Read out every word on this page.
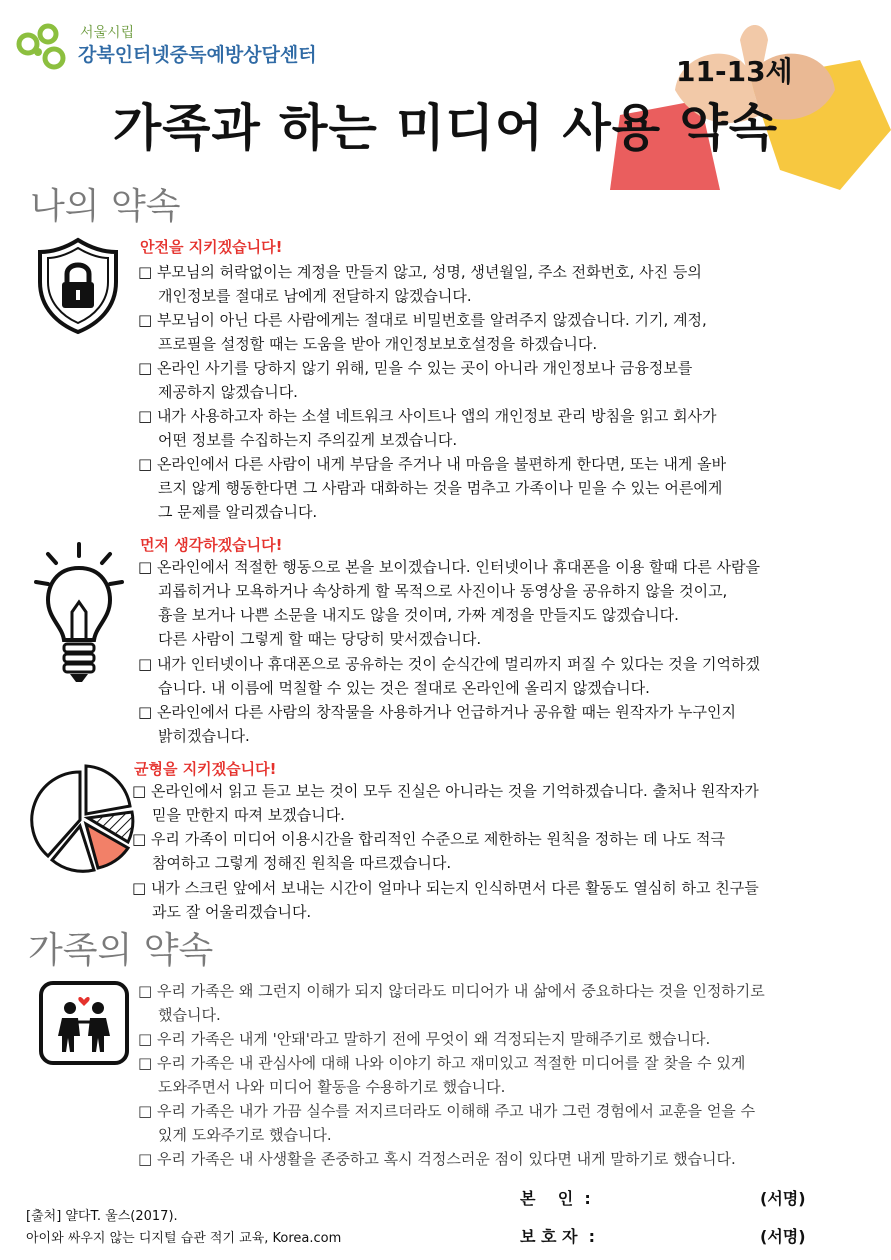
서울시립
강북인터넷중독예방상담센터	11-13세
가족과 하는 미디어 사용 약속
나의 약속
안전을 지키겠습니다!
□ 부모님의 허락없이는 계정을 만들지 않고, 성명, 생년월일, 주소 전화번호, 사진 등의
개인정보를 절대로 남에게 전달하지 않겠습니다.
□ 부모님이 아닌 다른 사람에게는 절대로 비밀번호를 알려주지 않겠습니다. 기기, 계정,
프로필을 설정할 때는 도움을 받아 개인정보보호설정을 하겠습니다.
□ 온라인 사기를 당하지 않기 위해, 믿을 수 있는 곳이 아니라 개인정보나 금융정보를
제공하지 않겠습니다.
□ 내가 사용하고자 하는 소셜 네트워크 사이트나 앱의 개인정보 관리 방침을 읽고 회사가
어떤 정보를 수집하는지 주의깊게 보겠습니다.
□ 온라인에서 다른 사람이 내게 부담을 주거나 내 마음을 불편하게 한다면, 또는 내게 올바
르지 않게 행동한다면 그 사람과 대화하는 것을 멈추고 가족이나 믿을 수 있는 어른에게
그 문제를 알리겠습니다.
먼저 생각하겠습니다!
□ 온라인에서 적절한 행동으로 본을 보이겠습니다. 인터넷이나 휴대폰을 이용 할때 다른 사람을
괴롭히거나 모욕하거나 속상하게 할 목적으로 사진이나 동영상을 공유하지 않을 것이고,
흉을 보거나 나쁜 소문을 내지도 않을 것이며, 가짜 계정을 만들지도 않겠습니다.
다른 사람이 그렇게 할 때는 당당히 맞서겠습니다.
□ 내가 인터넷이나 휴대폰으로 공유하는 것이 순식간에 멀리까지 퍼질 수 있다는 것을 기억하겠
습니다. 내 이름에 먹칠할 수 있는 것은 절대로 온라인에 올리지 않겠습니다.
□ 온라인에서 다른 사람의 창작물을 사용하거나 언급하거나 공유할 때는 원작자가 누구인지
밝히겠습니다.
균형을 지키겠습니다!
□ 온라인에서 읽고 듣고 보는 것이 모두 진실은 아니라는 것을 기억하겠습니다. 출처나 원작자가
믿을 만한지 따져 보겠습니다.
□ 우리 가족이 미디어 이용시간을 합리적인 수준으로 제한하는 원칙을 정하는 데 나도 적극
참여하고 그렇게 정해진 원칙을 따르겠습니다.
□ 내가 스크린 앞에서 보내는 시간이 얼마나 되는지 인식하면서 다른 활동도 열심히 하고 친구들
과도 잘 어울리겠습니다.
가족의 약속
□ 우리 가족은 왜 그런지 이해가 되지 않더라도 미디어가 내 삶에서 중요하다는 것을 인정하기로
했습니다.
□ 우리 가족은 내게 '안돼'라고 말하기 전에 무엇이 왜 걱정되는지 말해주기로 했습니다.
□ 우리 가족은 내 관심사에 대해 나와 이야기 하고 재미있고 적절한 미디어를 잘 찾을 수 있게
도와주면서 나와 미디어 활동을 수용하기로 했습니다.
□ 우리 가족은 내가 가끔 실수를 저지르더라도 이해해 주고 내가 그런 경험에서 교훈을 얻을 수
있게 도와주기로 했습니다.
□ 우리 가족은 내 사생활을 존중하고 혹시 걱정스러운 점이 있다면 내게 말하기로 했습니다.
[출처] 얄다T. 울스(2017).
아이와 싸우지 않는 디지털 습관 적기 교육, Korea.com
본    인  :	(서명)
보 호 자  :	(서명)
